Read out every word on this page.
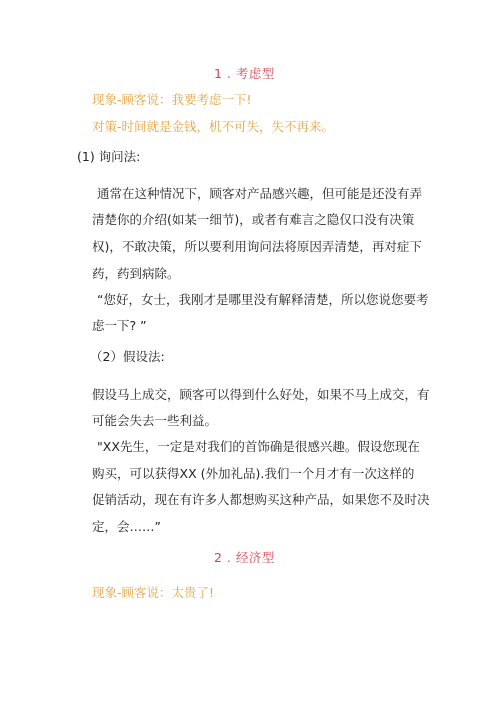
1 . 考虑型
现象-顾客说：我要考虑一下!
对策-时间就是金钱，机不可失，失不再来。
(1) 询问法:
通常在这种情况下，顾客对产品感兴趣，但可能是还没有弄
清楚你的介绍(如某一细节)，或者有难言之隐仅口没有决策
权)，不敢决策，所以要利用询问法将原因弄清楚，再对症下
药，药到病除。
“您好，女士，我刚才是哪里没有解释清楚，所以您说您要考
虑一下? ”
（2）假设法:
假设马上成交，顾客可以得到什么好处，如果不马上成交，有
可能会失去一些利益。
"XX先生，一定是对我们的首饰确是很感兴趣。假设您现在
购买，可以获得XX (外加礼品).我们一个月才有一次这样的
促销活动，现在有许多人都想购买这种产品，如果您不及时决
定，会……”
2 . 经济型
现象-顾客说：太贵了!
